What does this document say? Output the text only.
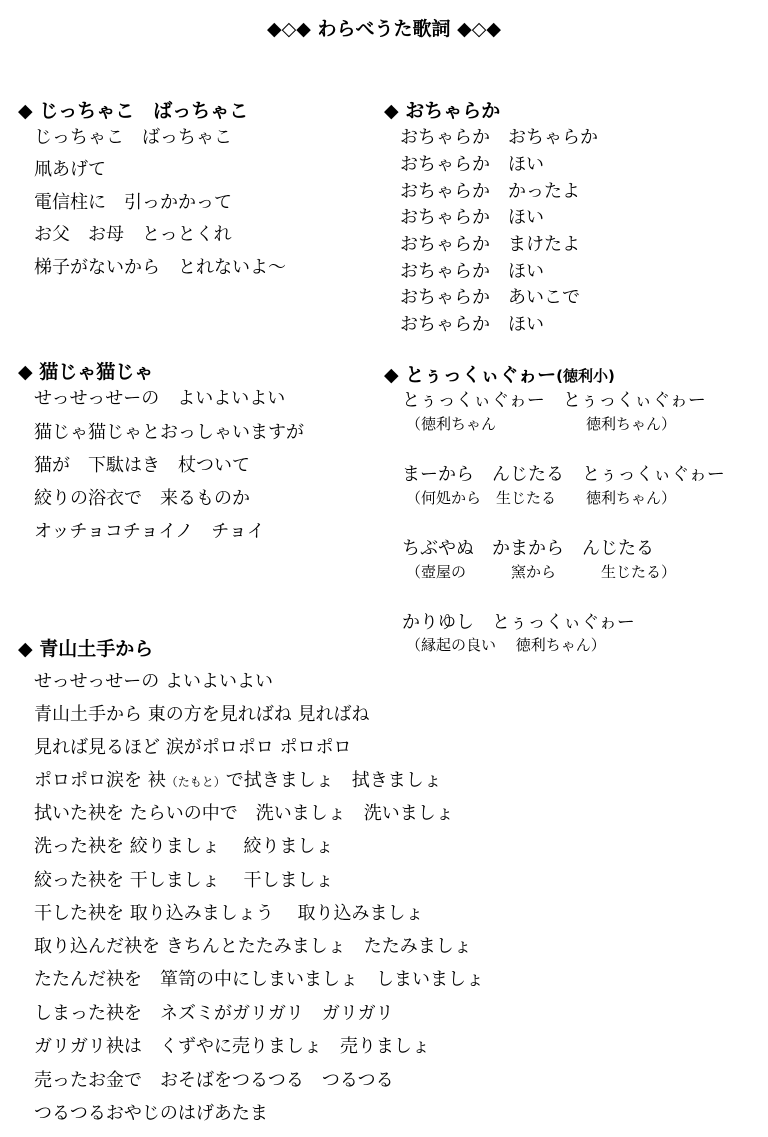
◆◇◆ わらべうた歌詞 ◆◇◆
◆ じっちゃこ　ばっちゃこ
じっちゃこ　ばっちゃこ
凧あげて
電信柱に　引っかかって
お父　お母　とっとくれ
梯子がないから　とれないよ～
◆ おちゃらか
おちゃらか　おちゃらか
おちゃらか　ほい
おちゃらか　かったよ
おちゃらか　ほい
おちゃらか　まけたよ
おちゃらか　ほい
おちゃらか　あいこで
おちゃらか　ほい
◆ 猫じゃ猫じゃ
せっせっせーの　よいよいよい
猫じゃ猫じゃとおっしゃいますが
猫が　下駄はき　杖ついて
絞りの浴衣で　来るものか
オッチョコチョイノ　チョイ
◆ とぅっくぃぐゎー(徳利小)
とぅっくぃぐゎー　とぅっくぃぐゎー
（徳利ちゃん　　　　　　徳利ちゃん）
まーから　んじたる　とぅっくぃぐゎー
（何処から　生じたる　　徳利ちゃん）
ちぶやぬ　かまから　んじたる
（壺屋の　　　窯から　　　生じたる）
かりゆし　とぅっくぃぐゎー
（縁起の良い　 徳利ちゃん）
◆ 青山土手から
せっせっせーの よいよいよい
青山土手から 東の方を見ればね 見ればね
見れば見るほど 涙がポロポロ ポロポロ
ポロポロ涙を 袂（たもと）で拭きましょ　拭きましょ
拭いた袂を たらいの中で　洗いましょ　洗いましょ
洗った袂を 絞りましょ　 絞りましょ
絞った袂を 干しましょ　 干しましょ
干した袂を 取り込みましょう　 取り込みましょ
取り込んだ袂を きちんとたたみましょ　たたみましょ
たたんだ袂を　箪笥の中にしまいましょ　しまいましょ
しまった袂を　ネズミがガリガリ　ガリガリ
ガリガリ袂は　くずやに売りましょ　売りましょ
売ったお金で　おそばをつるつる　つるつる
つるつるおやじのはげあたま
